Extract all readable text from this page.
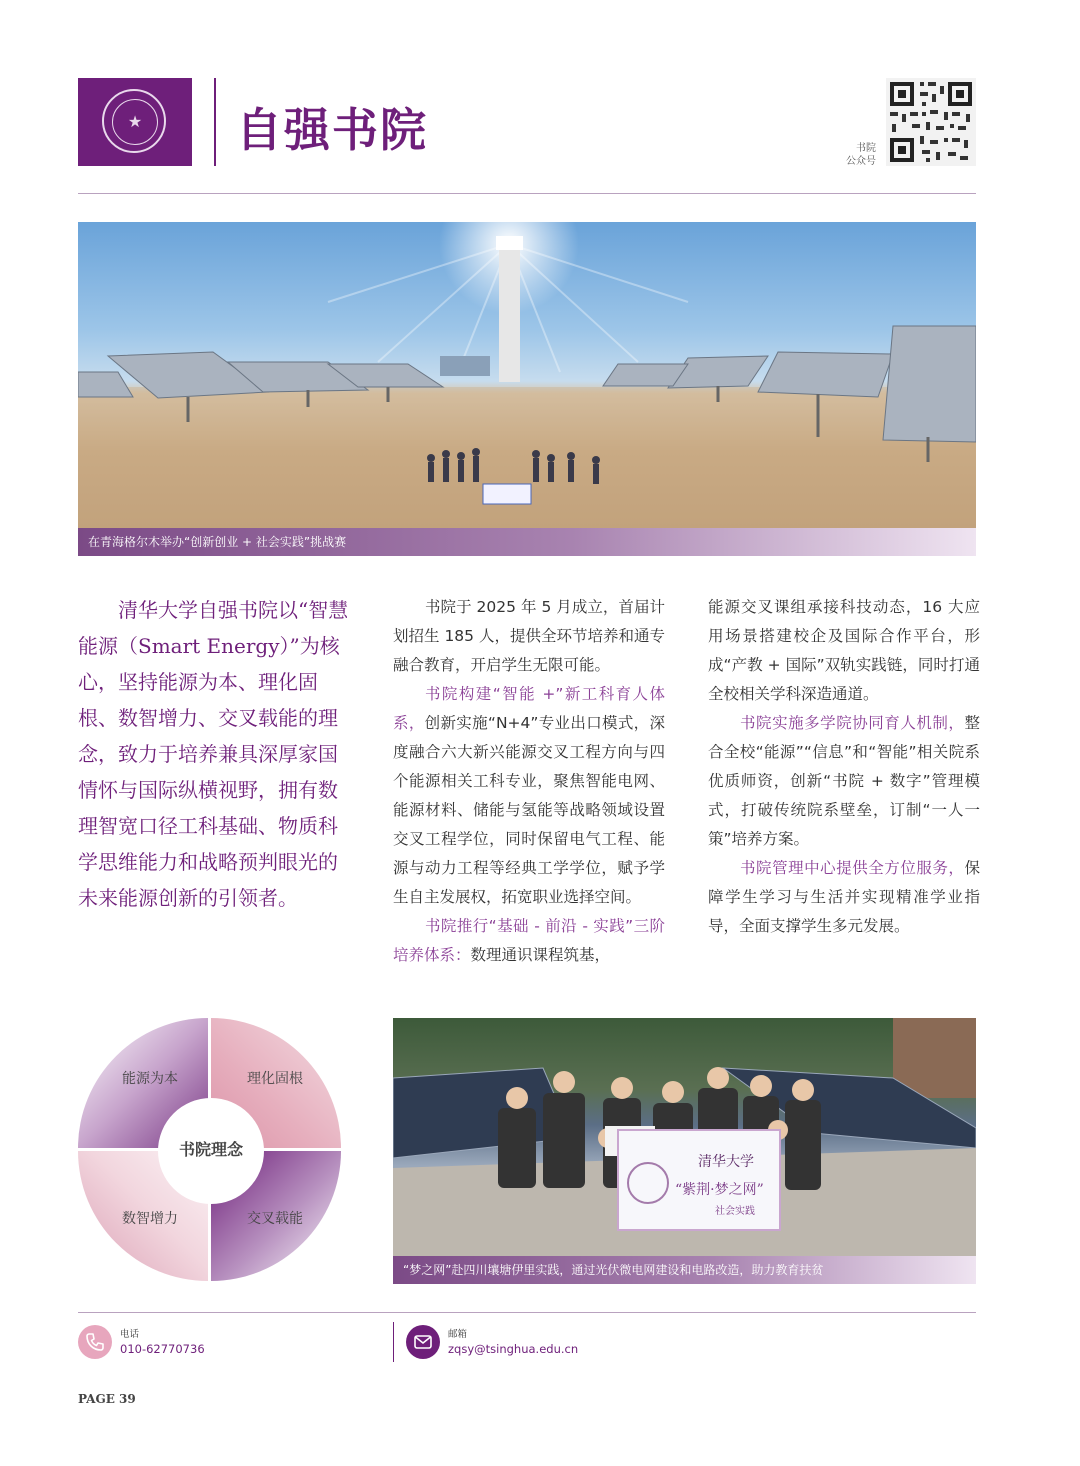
★	自强书院	书院
公众号
在青海格尔木举办“创新创业 + 社会实践”挑战赛

清华大学自强书院以“智慧能源（Smart Energy）”为核心，坚持能源为本、理化固根、数智增力、交叉载能的理念，致力于培养兼具深厚家国情怀与国际纵横视野，拥有数理智宽口径工科基础、物质科学思维能力和战略预判眼光的未来能源创新的引领者。

书院于 2025 年 5 月成立，首届计划招生 185 人，提供全环节培养和通专融合教育，开启学生无限可能。

书院构建“智能 +”新工科育人体系，创新实施“N+4”专业出口模式，深度融合六大新兴能源交叉工程方向与四个能源相关工科专业，聚焦智能电网、能源材料、储能与氢能等战略领域设置交叉工程学位，同时保留电气工程、能源与动力工程等经典工学学位，赋予学生自主发展权，拓宽职业选择空间。

书院推行“基础 - 前沿 - 实践”三阶培养体系：数理通识课程筑基，

能源交叉课组承接科技动态，16 大应用场景搭建校企及国际合作平台，形成“产教 + 国际”双轨实践链，同时打通全校相关学科深造通道。

书院实施多学院协同育人机制，整合全校“能源”“信息”和“智能”相关院系优质师资，创新“书院 + 数字”管理模式，打破传统院系壁垒，订制“一人一策”培养方案。

书院管理中心提供全方位服务，保障学生学习与生活并实现精准学业指导，全面支撑学生多元发展。

书院理念
能源为本	理化固根
数智增力	交叉载能
清华大学
“紫荆·梦之网”
社会实践
“梦之网”赴四川壤塘伊里实践，通过光伏微电网建设和电路改造，助力教育扶贫
电话
010-62770736
邮箱
zqsy@tsinghua.edu.cn
PAGE 39
